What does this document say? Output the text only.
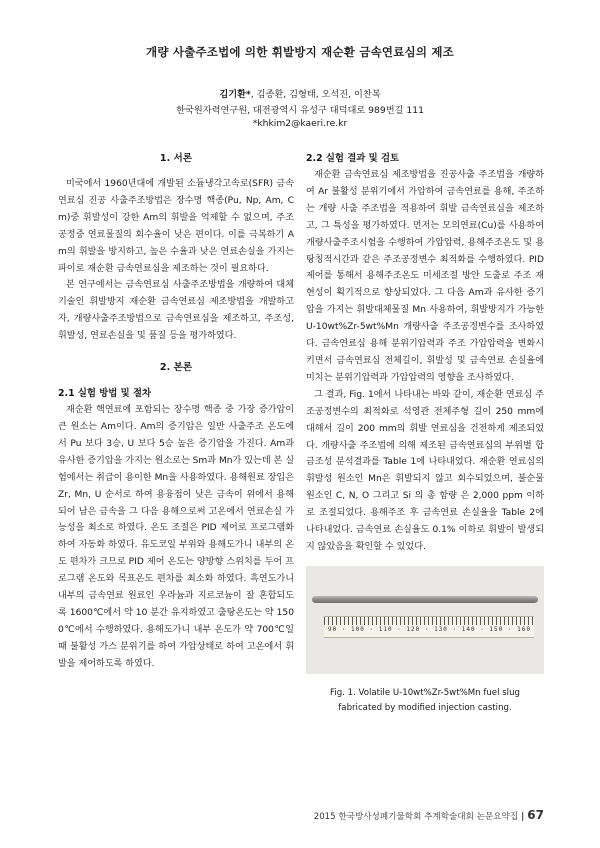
개량 사출주조법에 의한 휘발방지 재순환 금속연료심의 제조
김기환*, 김종환, 김형태, 오석진, 이찬복
한국원자력연구원, 대전광역시 유성구 대덕대로 989번길 111
*khkim2@kaeri.re.kr
1. 서론

미국에서 1960년대에 개발된 소듐냉각고속로(SFR) 금속연료심 진공 사출주조방법은 장수명 핵종(Pu, Np, Am, Cm)중 휘발성이 강한 Am의 휘발을 억제할 수 없으며, 주조공정중 연료물질의 회수율이 낮은 편이다. 이를 극복하기 Am의 휘발을 방지하고, 높은 수율과 낮은 연료손실을 가지는 파이로 재순환 금속연료심을 제조하는 것이 필요하다.

본 연구에서는 금속연료심 사출주조방법을 개량하여 대체기술인 휘발방지 재순환 금속연료심 제조방법을 개발하고자, 개량사출주조방법으로 금속연료심을 제조하고, 주조성, 휘발성, 연료손실을 및 품질 등을 평가하였다.

2. 본론
2.1 실험 방법 및 절차

재순환 핵연료에 포함되는 장수명 핵종 중 가장 증가압이 큰 원소는 Am이다. Am의 증기압은 일반 사출주조 온도에서 Pu 보다 3승, U 보다 5승 높은 증기압을 가진다. Am과 유사한 증기압을 가지는 원소로는 Sm과 Mn가 있는데 본 실험에서는 취급이 용이한 Mn을 사용하였다. 용해원료 장입은 Zr, Mn, U 순서로 하여 용융점이 낮은 금속이 위에서 용해되어 남은 금속을 그 다음 용해으로써 고온에서 연료손실 가능성을 최소로 하였다. 온도 조절은 PID 제어로 프로그램화 하여 자동화 하였다. 유도코일 부위와 용해도가니 내부의 온도 편차가 크므로 PID 제어 온도는 양방향 스위치를 두어 프로그램 온도와 목표온도 편차를 최소화 하였다. 흑연도가니 내부의 금속연료 원료인 우라늄과 지르코늄이 잘 혼합되도록 1600℃에서 약 10 분간 유지하였고 출탕온도는 약 1500℃에서 수행하였다. 용해도가니 내부 온도가 약 700℃일 때 불활성 가스 분위기를 하여 가압상태로 하여 고온에서 휘발을 제어하도록 하였다.

2.2 실험 결과 및 검토

재순환 금속연료심 제조방법을 진공사출 주조법을 개량하여 Ar 불활성 분위기에서 가압하여 금속연료를 용해, 주조하는 개량 사출 주조법을 적용하여 휘발 금속연료심을 제조하고, 그 특성을 평가하였다. 먼저는 모의연료(Cu)를 사용하여 개량사출주조시험을 수행하여 가압압력, 용해주조온도 및 용탕칭적시간과 같은 주조공정변수 최적화를 수행하였다. PID 제어를 통해서 용해주조온도 미세조절 방안 도출로 주조 재현성이 획기적으로 향상되었다. 그 다음 Am과 유사한 증기압을 가지는 휘발대체물질 Mn 사용하여, 휘발방지가 가능한 U-10wt%Zr-5wt%Mn 개량사출 주조공정변수를 조사하였다. 금속연료심 용해 분위기압력과 주조 가압압력을 변화시키면서 금속연료심 전체길이, 휘발성 및 금속연료 손실율에 미치는 분위기압력과 가압압력의 영향을 조사하였다.

그 결과, Fig. 1에서 나타내는 바와 같이, 재순환 연료심 주조공정변수의 최적화로 석영관 전체주형 길이 250 mm에 대해서 길이 200 mm의 휘발 연료심을 건전하게 제조되었다. 개량사출 주조법에 의해 제조된 금속연료심의 부위별 합금조성 분석결과를 Table 1에 나타내었다. 재순환 연료심의 휘발성 원소인 Mn은 휘발되지 않고 회수되었으며, 불순물 원소인 C, N, O 그리고 Si 의 총 함량 은 2,000 ppm 이하로 조절되었다. 용해주조 후 금속연료 손실율을 Table 2에 나타내었다. 금속연료 손실율도 0.1% 이하로 휘발이 발생되지 않았음을 확인할 수 있었다.

90 · 100 · 110 · 120 · 130 · 140 · 150 · 160
Fig. 1. Volatile U-10wt%Zr-5wt%Mn fuel slug
fabricated by modified injection casting.
2015 한국방사성폐기물학회 추계학술대회 논문요약집 | 67
